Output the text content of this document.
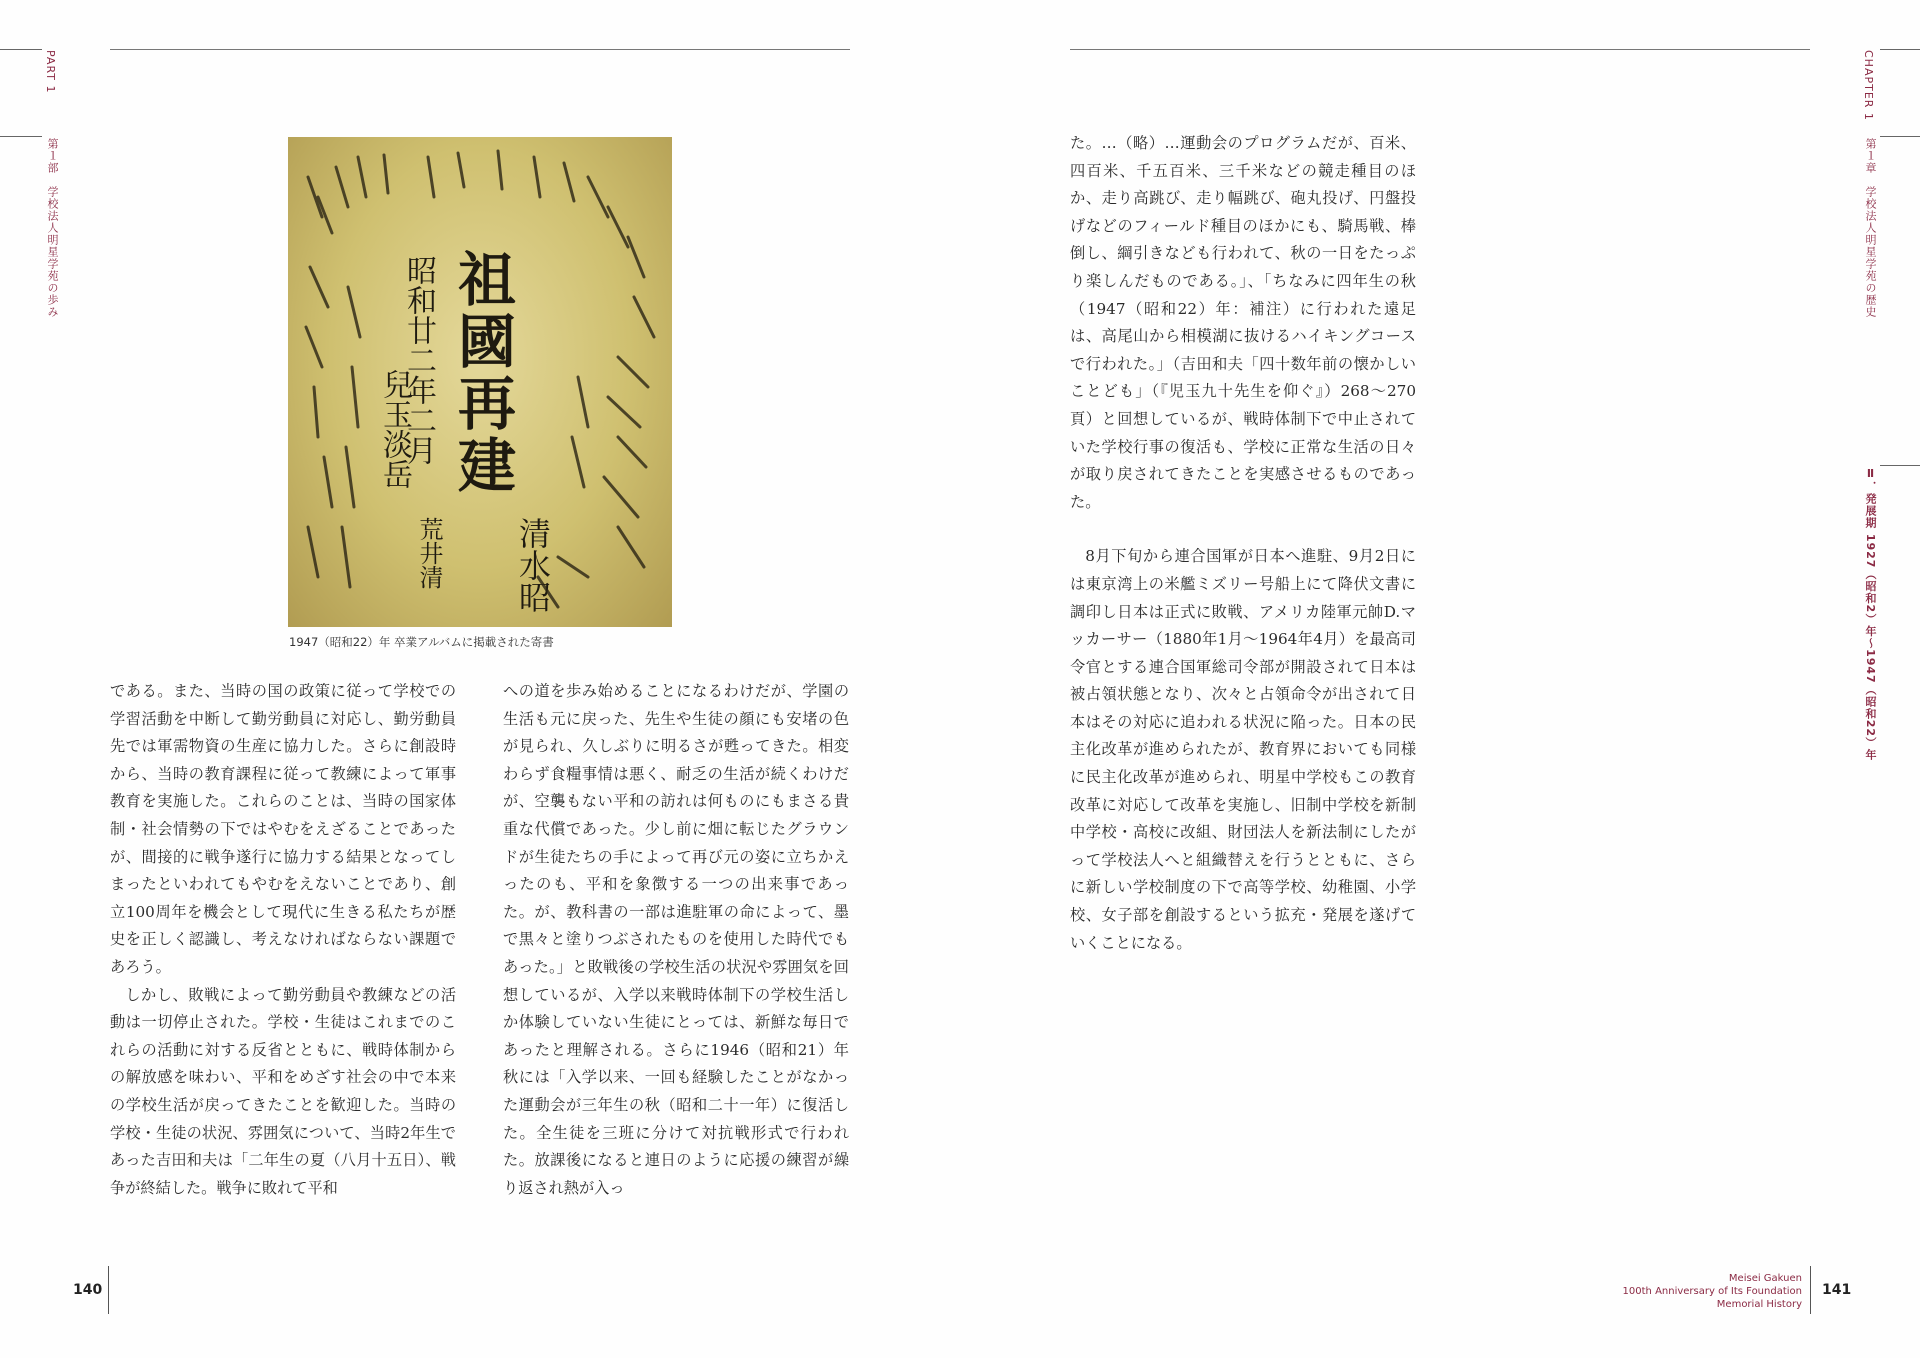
PART 1
第１部　学校法人明星学苑の歩み
CHAPTER 1
第１章　学校法人明星学苑の歴史
Ⅱ．発展期 1927（昭和2）年～1947（昭和22）年
祖國再建
昭和廿二年二月
兒玉淡岳
清水昭
荒井清
1947（昭和22）年 卒業アルバムに掲載された寄書

である。また、当時の国の政策に従って学校での学習活動を中断して勤労動員に対応し、勤労動員先では軍需物資の生産に協力した。さらに創設時から、当時の教育課程に従って教練によって軍事教育を実施した。これらのことは、当時の国家体制・社会情勢の下ではやむをえざることであったが、間接的に戦争遂行に協力する結果となってしまったといわれてもやむをえないことであり、創立100周年を機会として現代に生きる私たちが歴史を正しく認識し、考えなければならない課題であろう。

しかし、敗戦によって勤労動員や教練などの活動は一切停止された。学校・生徒はこれまでのこれらの活動に対する反省とともに、戦時体制からの解放感を味わい、平和をめざす社会の中で本来の学校生活が戻ってきたことを歓迎した。当時の学校・生徒の状況、雰囲気について、当時2年生であった吉田和夫は「二年生の夏（八月十五日）、戦争が終結した。戦争に敗れて平和

への道を歩み始めることになるわけだが、学園の生活も元に戻った、先生や生徒の顔にも安堵の色が見られ、久しぶりに明るさが甦ってきた。相変わらず食糧事情は悪く、耐乏の生活が続くわけだが、空襲もない平和の訪れは何ものにもまさる貴重な代償であった。少し前に畑に転じたグラウンドが生徒たちの手によって再び元の姿に立ちかえったのも、平和を象徴する一つの出来事であった。が、教科書の一部は進駐軍の命によって、墨で黒々と塗りつぶされたものを使用した時代でもあった。」と敗戦後の学校生活の状況や雰囲気を回想しているが、入学以来戦時体制下の学校生活しか体験していない生徒にとっては、新鮮な毎日であったと理解される。さらに1946（昭和21）年秋には「入学以来、一回も経験したことがなかった運動会が三年生の秋（昭和二十一年）に復活した。全生徒を三班に分けて対抗戦形式で行われた。放課後になると連日のように応援の練習が繰り返され熱が入っ

た。…（略）…運動会のプログラムだが、百米、四百米、千五百米、三千米などの競走種目のほか、走り高跳び、走り幅跳び、砲丸投げ、円盤投げなどのフィールド種目のほかにも、騎馬戦、棒倒し、綱引きなども行われて、秋の一日をたっぷり楽しんだものである。」、「ちなみに四年生の秋（1947（昭和22）年：補注）に行われた遠足は、高尾山から相模湖に抜けるハイキングコースで行われた。」（吉田和夫「四十数年前の懐かしいことども」（『児玉九十先生を仰ぐ』）268～270頁）と回想しているが、戦時体制下で中止されていた学校行事の復活も、学校に正常な生活の日々が取り戻されてきたことを実感させるものであった。

8月下旬から連合国軍が日本へ進駐、9月2日には東京湾上の米艦ミズリー号船上にて降伏文書に調印し日本は正式に敗戦、アメリカ陸軍元帥D.マッカーサー（1880年1月～1964年4月）を最高司令官とする連合国軍総司令部が開設されて日本は被占領状態となり、次々と占領命令が出されて日本はその対応に追われる状況に陥った。日本の民主化改革が進められたが、教育界においても同様に民主化改革が進められ、明星中学校もこの教育改革に対応して改革を実施し、旧制中学校を新制中学校・高校に改組、財団法人を新法制にしたがって学校法人へと組織替えを行うとともに、さらに新しい学校制度の下で高等学校、幼稚園、小学校、女子部を創設するという拡充・発展を遂げていくことになる。

140
Meisei Gakuen
100th Anniversary of Its Foundation
Memorial History
141
